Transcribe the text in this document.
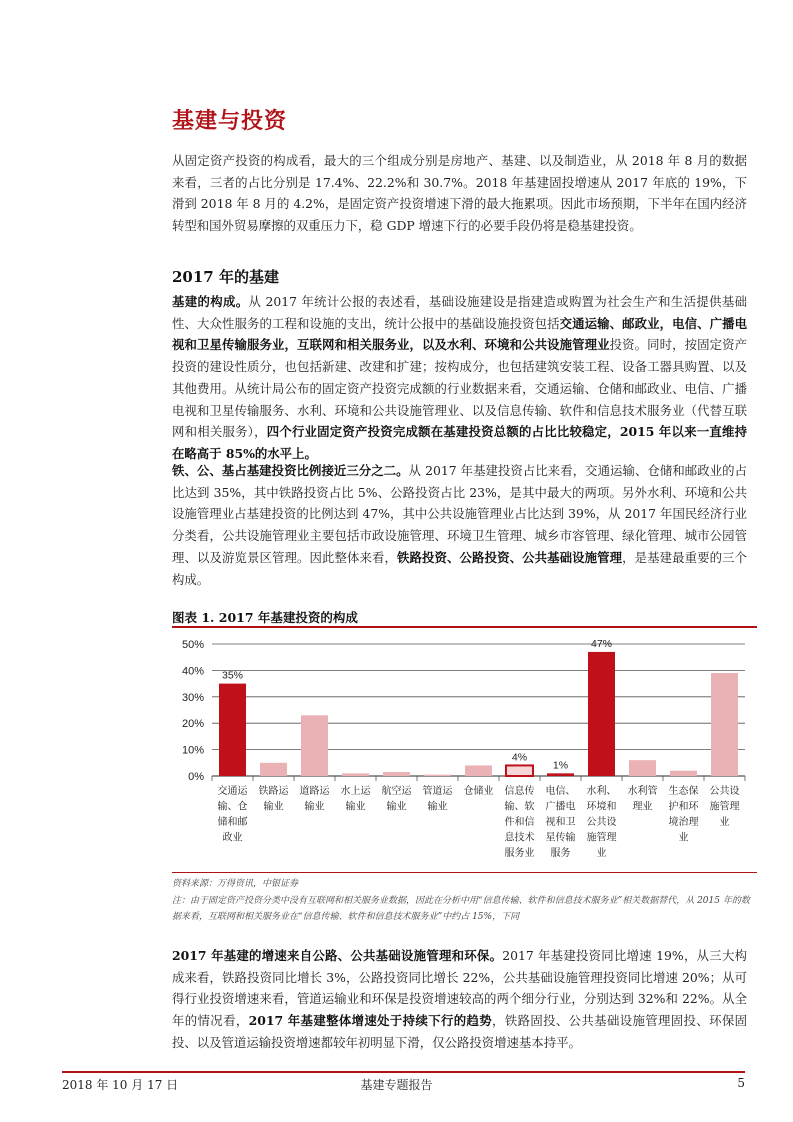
基建与投资
从固定资产投资的构成看，最大的三个组成分别是房地产、基建、以及制造业，从 2018 年 8 月的数据来看，三者的占比分别是 17.4%、22.2%和 30.7%。2018 年基建固投增速从 2017 年底的 19%，下滑到 2018 年 8 月的 4.2%，是固定资产投资增速下滑的最大拖累项。因此市场预期，下半年在国内经济转型和国外贸易摩擦的双重压力下，稳 GDP 增速下行的必要手段仍将是稳基建投资。
2017 年的基建
基建的构成。从 2017 年统计公报的表述看，基础设施建设是指建造或购置为社会生产和生活提供基础性、大众性服务的工程和设施的支出，统计公报中的基础设施投资包括交通运输、邮政业，电信、广播电视和卫星传输服务业，互联网和相关服务业，以及水利、环境和公共设施管理业投资。同时，按固定资产投资的建设性质分，也包括新建、改建和扩建；按构成分，也包括建筑安装工程、设备工器具购置、以及其他费用。从统计局公布的固定资产投资完成额的行业数据来看，交通运输、仓储和邮政业、电信、广播电视和卫星传输服务、水利、环境和公共设施管理业、以及信息传输、软件和信息技术服务业（代替互联网和相关服务），四个行业固定资产投资完成额在基建投资总额的占比比较稳定，2015 年以来一直维持在略高于 85%的水平上。
铁、公、基占基建投资比例接近三分之二。从 2017 年基建投资占比来看，交通运输、仓储和邮政业的占比达到 35%，其中铁路投资占比 5%、公路投资占比 23%，是其中最大的两项。另外水利、环境和公共设施管理业占基建投资的比例达到 47%，其中公共设施管理业占比达到 39%，从 2017 年国民经济行业分类看，公共设施管理业主要包括市政设施管理、环境卫生管理、城乡市容管理、绿化管理、城市公园管理、以及游览景区管理。因此整体来看，铁路投资、公路投资、公共基础设施管理，是基建最重要的三个构成。
图表 1. 2017 年基建投资的构成
35%
4%
1%
47%
0%
10%
20%
30%
40%
50%
交通运
输、仓
储和邮
政业
铁路运
输业
道路运
输业
水上运
输业
航空运
输业
管道运
输业
仓储业 信息传
输、软
件和信
息技术
服务业
电信、
广播电
视和卫
星传输
服务
水利、
环境和
公共设
施管理
业
水利管
理业
生态保
护和环
境治理
业
公共设
施管理
业
资料来源：万得资讯，中银证券
注：由于固定资产投资分类中没有互联网和相关服务业数据，因此在分析中用“信息传输、软件和信息技术服务业”相关数据替代，从 2015 年的数据来看，互联网和相关服务业在“信息传输、软件和信息技术服务业”中约占 15%，下同
2017 年基建的增速来自公路、公共基础设施管理和环保。2017 年基建投资同比增速 19%，从三大构成来看，铁路投资同比增长 3%，公路投资同比增长 22%，公共基础设施管理投资同比增速 20%；从可得行业投资增速来看，管道运输业和环保是投资增速较高的两个细分行业，分别达到 32%和 22%。从全年的情况看，2017 年基建整体增速处于持续下行的趋势，铁路固投、公共基础设施管理固投、环保固投、以及管道运输投资增速都较年初明显下滑，仅公路投资增速基本持平。
2018 年 10 月 17 日	基建专题报告	5
